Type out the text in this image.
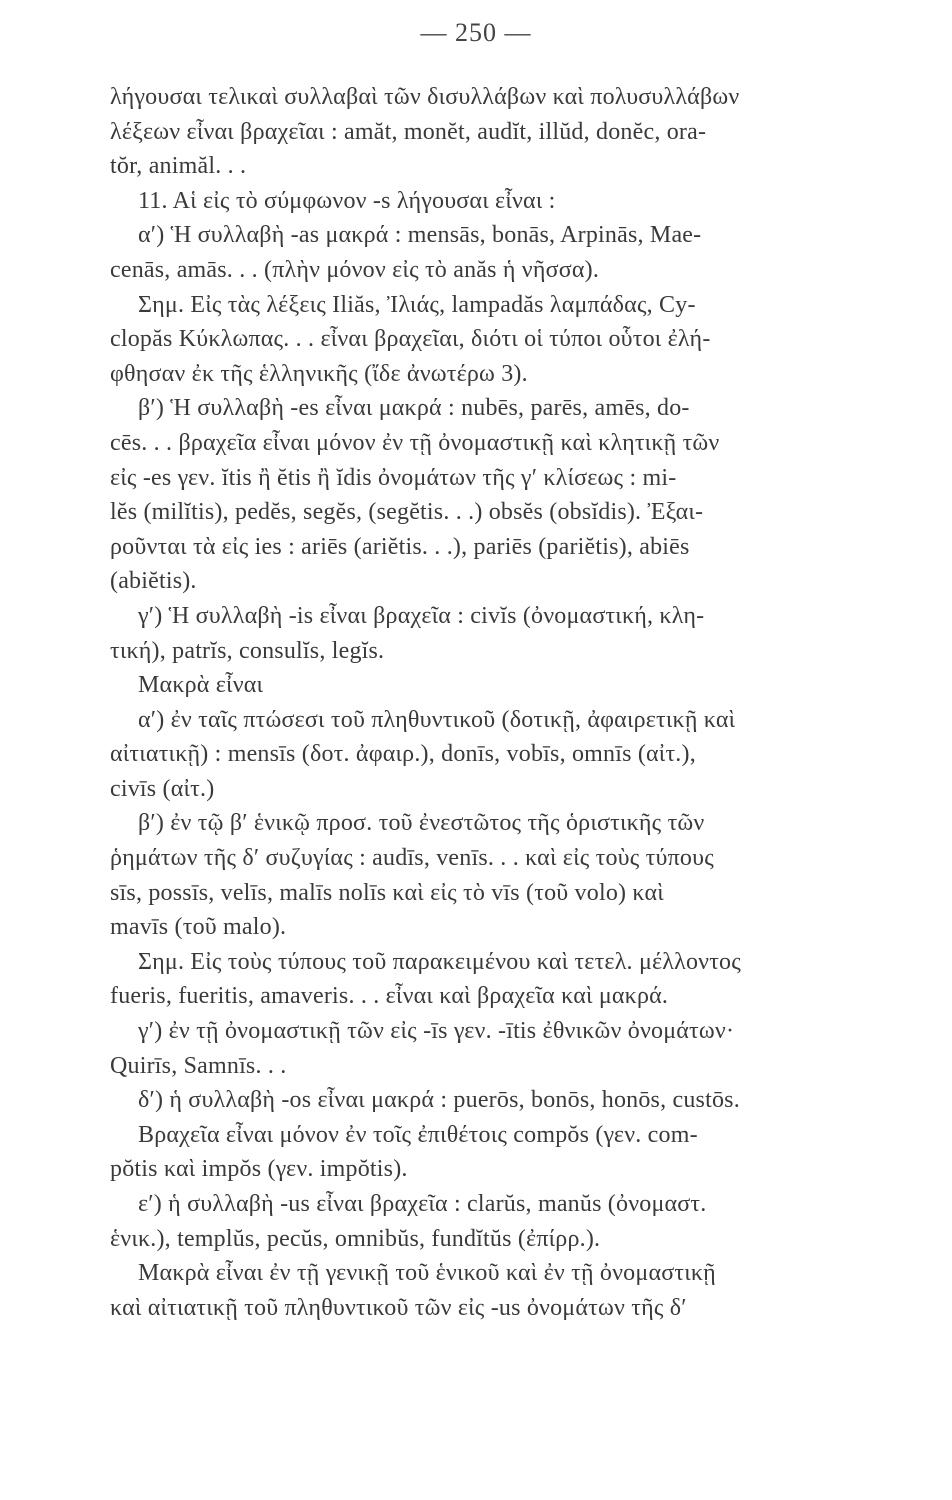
— 250 —
λήγουσαι τελικαὶ συλλαβαὶ τῶν δισυλλάβων καὶ πολυσυλλάβων
λέξεων εἶναι βραχεῖαι : amăt, monĕt, audĭt, illŭd, donĕc, ora-
tŏr, animăl. . .
11. Αἱ εἰς τὸ σύμφωνον -s λήγουσαι εἶναι :
α′) Ἡ συλλαβὴ -as μακρά : mensās, bonās, Arpinās, Mae-
cenās, amās. . . (πλὴν μόνον εἰς τὸ anăs ἡ νῆσσα).
Σημ. Εἰς τὰς λέξεις Iliăs, Ἰλιάς, lampadăs λαμπάδας, Cy-
clopăs Κύκλωπας. . . εἶναι βραχεῖαι, διότι οἱ τύποι οὗτοι ἐλή-
φθησαν ἐκ τῆς ἑλληνικῆς (ἴδε ἀνωτέρω 3).
β′) Ἡ συλλαβὴ -es εἶναι μακρά : nubēs, parēs, amēs, do-
cēs. . . βραχεῖα εἶναι μόνον ἐν τῇ ὀνομαστικῇ καὶ κλητικῇ τῶν
εἰς -es γεν. ĭtis ἢ ĕtis ἢ ĭdis ὀνομάτων τῆς γ′ κλίσεως : mi-
lĕs (milĭtis), pedĕs, segĕs, (segĕtis. . .) obsĕs (obsĭdis). Ἐξαι-
ροῦνται τὰ εἰς ies : ariēs (ariĕtis. . .), pariēs (pariĕtis), abiēs
(abiĕtis).
γ′) Ἡ συλλαβὴ -is εἶναι βραχεῖα : civĭs (ὀνομαστική, κλη-
τική), patrĭs, consulĭs, legĭs.
Μακρὰ εἶναι
α′) ἐν ταῖς πτώσεσι τοῦ πληθυντικοῦ (δοτικῇ, ἀφαιρετικῇ καὶ
αἰτιατικῇ) : mensīs (δοτ. ἀφαιρ.), donīs, vobīs, omnīs (αἰτ.),
civīs (αἰτ.)
β′) ἐν τῷ β′ ἑνικῷ προσ. τοῦ ἐνεστῶτος τῆς ὁριστικῆς τῶν
ῥημάτων τῆς δ′ συζυγίας : audīs, venīs. . . καὶ εἰς τοὺς τύπους
sīs, possīs, velīs, malīs nolīs καὶ εἰς τὸ vīs (τοῦ volo) καὶ
mavīs (τοῦ malo).
Σημ. Εἰς τοὺς τύπους τοῦ παρακειμένου καὶ τετελ. μέλλοντος
fueris, fueritis, amaveris. . . εἶναι καὶ βραχεῖα καὶ μακρά.
γ′) ἐν τῇ ὀνομαστικῇ τῶν εἰς -īs γεν. -ītis ἐθνικῶν ὀνομάτων·
Quirīs, Samnīs. . .
δ′) ἡ συλλαβὴ -os εἶναι μακρά : puerōs, bonōs, honōs, custōs.
Βραχεῖα εἶναι μόνον ἐν τοῖς ἐπιθέτοις compŏs (γεν. com-
pŏtis καὶ impŏs (γεν. impŏtis).
ε′) ἡ συλλαβὴ -us εἶναι βραχεῖα : clarŭs, manŭs (ὀνομαστ.
ἑνικ.), templŭs, pecŭs, omnibŭs, fundĭtŭs (ἐπίρρ.).
Μακρὰ εἶναι ἐν τῇ γενικῇ τοῦ ἑνικοῦ καὶ ἐν τῇ ὀνομαστικῇ
καὶ αἰτιατικῇ τοῦ πληθυντικοῦ τῶν εἰς -us ὀνομάτων τῆς δ′
